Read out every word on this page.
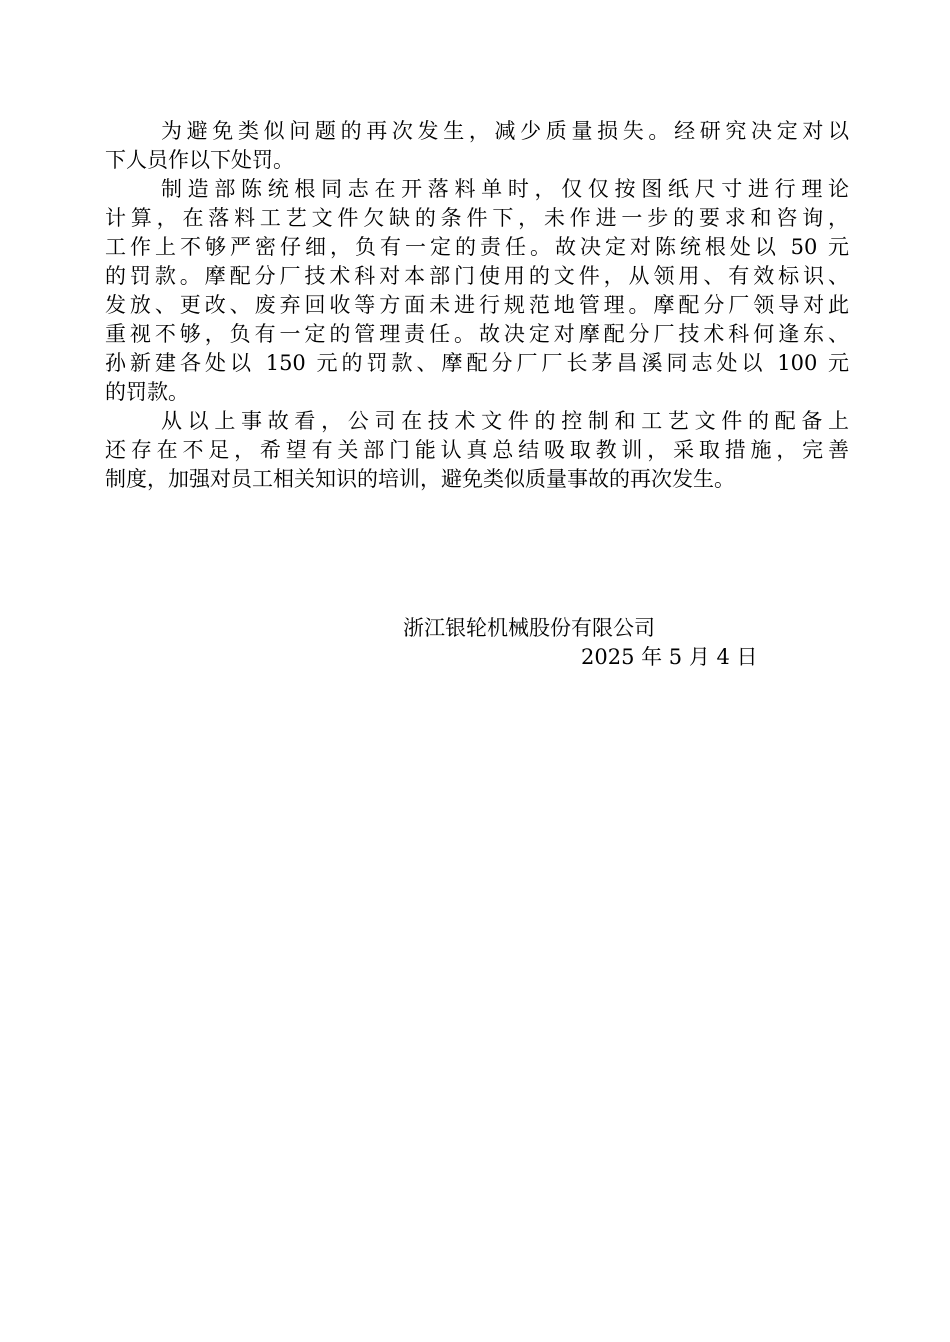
为避免类似问题的再次发生，减少质量损失。经研究决定对以
下人员作以下处罚。

制造部陈统根同志在开落料单时，仅仅按图纸尺寸进行理论
计算，在落料工艺文件欠缺的条件下，未作进一步的要求和咨询，
工作上不够严密仔细，负有一定的责任。故决定对陈统根处以 50 元
的罚款。摩配分厂技术科对本部门使用的文件，从领用、有效标识、
发放、更改、废弃回收等方面未进行规范地管理。摩配分厂领导对此
重视不够，负有一定的管理责任。故决定对摩配分厂技术科何逢东、
孙新建各处以 150 元的罚款、摩配分厂厂长茅昌溪同志处以 100 元
的罚款。

从以上事故看，公司在技术文件的控制和工艺文件的配备上
还存在不足，希望有关部门能认真总结吸取教训，采取措施，完善
制度，加强对员工相关知识的培训，避免类似质量事故的再次发生。

浙江银轮机械股份有限公司
2025 年 5 月 4 日
